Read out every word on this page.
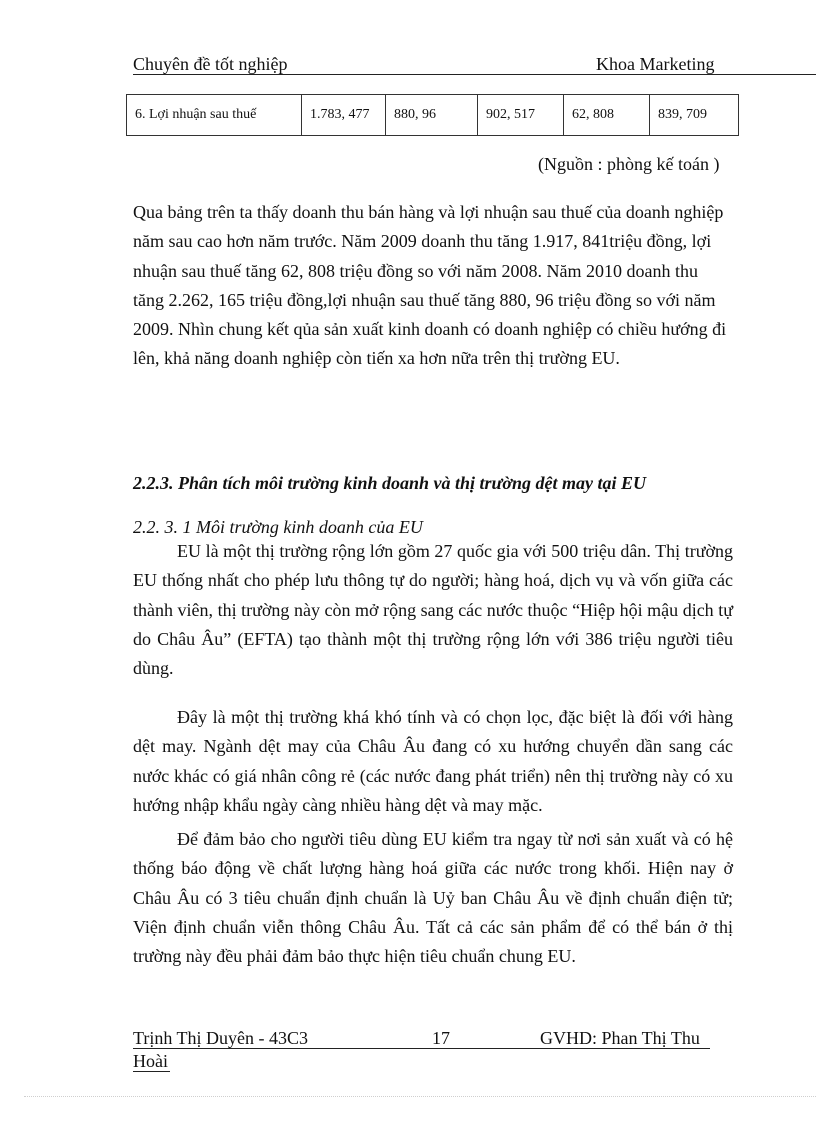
Chuyên đề tốt nghiệp	Khoa Marketing
6. Lợi nhuận sau thuế	1.783, 477	880, 96	902, 517	62, 808	839, 709
(Nguồn : phòng kế toán )
Qua bảng trên ta thấy doanh thu bán hàng và lợi nhuận sau thuế của doanh nghiệp năm sau cao hơn năm trước. Năm 2009 doanh thu tăng 1.917, 841triệu đồng, lợi nhuận sau thuế tăng 62, 808 triệu đồng so với năm 2008. Năm 2010 doanh thu tăng 2.262, 165 triệu đồng,lợi nhuận sau thuế tăng 880, 96 triệu đồng so với năm 2009. Nhìn chung kết qủa sản xuất kinh doanh có doanh nghiệp có chiều hướng đi lên, khả năng doanh nghiệp còn tiến xa hơn nữa trên thị trường EU.
2.2.3. Phân tích môi trường kinh doanh và thị trường dệt may tại EU
2.2. 3. 1 Môi trường kinh doanh của EU
EU là một thị trường rộng lớn gồm 27 quốc gia với 500 triệu dân. Thị trường EU thống nhất cho phép lưu thông tự do người; hàng hoá, dịch vụ và vốn giữa các thành viên, thị trường này còn mở rộng sang các nước thuộc “Hiệp hội mậu dịch tự do Châu Âu” (EFTA) tạo thành một thị trường rộng lớn với 386 triệu người tiêu dùng.
Đây là một thị trường khá khó tính và có chọn lọc, đặc biệt là đối với hàng dệt may. Ngành dệt may của Châu Âu đang có xu hướng chuyển dần sang các nước khác có giá nhân công rẻ (các nước đang phát triển) nên thị trường này có xu hướng nhập khẩu ngày càng nhiều hàng dệt và may mặc.
Để đảm bảo cho người tiêu dùng EU kiểm tra ngay từ nơi sản xuất và có hệ thống báo động về chất lượng hàng hoá giữa các nước trong khối. Hiện nay ở Châu Âu có 3 tiêu chuẩn định chuẩn là Uỷ ban Châu Âu về định chuẩn điện tử; Viện định chuẩn viễn thông Châu Âu. Tất cả các sản phẩm để có thể bán ở thị trường này đều phải đảm bảo thực hiện tiêu chuẩn chung EU.
Trịnh Thị Duyên - 43C3	17	GVHD: Phan Thị Thu
Hoài
